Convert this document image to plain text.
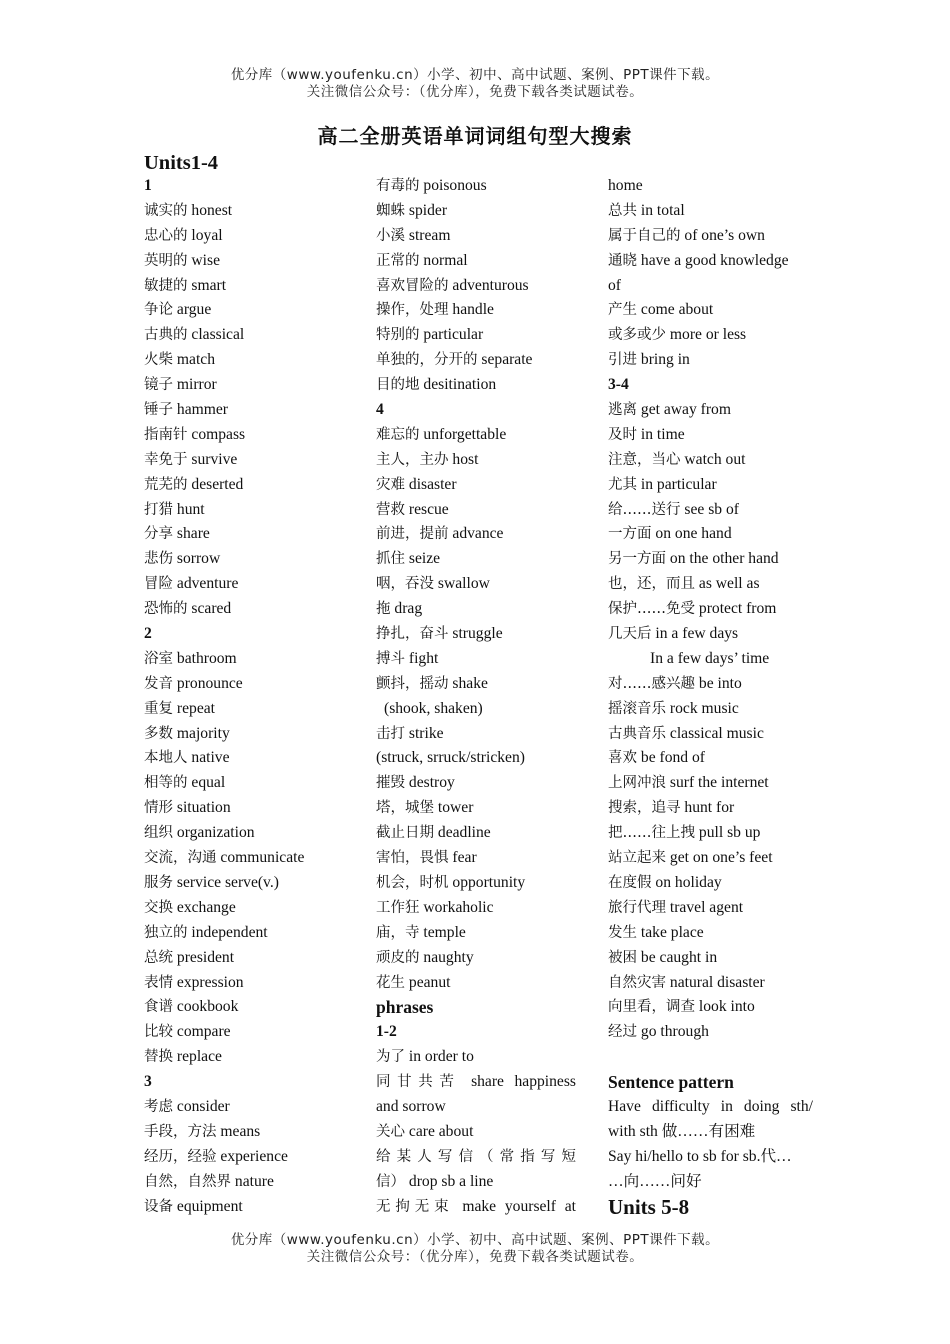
优分库（www.youfenku.cn）小学、初中、高中试题、案例、PPT课件下载。
关注微信公众号：（优分库），免费下载各类试题试卷。
高二全册英语单词词组句型大搜索
Units1-4
1
诚实的 honest
忠心的 loyal
英明的 wise
敏捷的 smart
争论 argue
古典的 classical
火柴 match
镜子 mirror
锤子 hammer
指南针 compass
幸免于 survive
荒芜的 deserted
打猎 hunt
分享 share
悲伤 sorrow
冒险 adventure
恐怖的 scared
2
浴室 bathroom
发音 pronounce
重复 repeat
多数 majority
本地人 native
相等的 equal
情形 situation
组织 organization
交流，沟通 communicate
服务 service serve(v.)
交换 exchange
独立的 independent
总统 president
表情 expression
食谱 cookbook
比较 compare
替换 replace
3
考虑 consider
手段，方法 means
经历，经验 experience
自然，自然界 nature
设备 equipment
有毒的 poisonous
蜘蛛 spider
小溪 stream
正常的 normal
喜欢冒险的 adventurous
操作，处理 handle
特别的 particular
单独的，分开的 separate
目的地 desitination
4
难忘的 unforgettable
主人，主办 host
灾难 disaster
营救 rescue
前进，提前 advance
抓住 seize
咽，吞没 swallow
拖 drag
挣扎，奋斗 struggle
搏斗 fight
颤抖，摇动 shake
(shook, shaken)
击打 strike
(struck, srruck/stricken)
摧毁 destroy
塔，城堡 tower
截止日期 deadline
害怕，畏惧 fear
机会，时机 opportunity
工作狂 workaholic
庙，寺 temple
顽皮的 naughty
花生 peanut
phrases
1-2
为了 in order to
同甘共苦 share happiness
and sorrow
关心 care about
给某人写信（常指写短
信） drop sb a line
无拘无束 make yourself at
home
总共 in total
属于自己的 of one’s own
通晓 have a good knowledge
of
产生 come about
或多或少 more or less
引进 bring in
3-4
逃离 get away from
及时 in time
注意，当心 watch out
尤其 in particular
给……送行 see sb of
一方面 on one hand
另一方面 on the other hand
也，还，而且 as well as
保护……免受 protect from
几天后 in a few days
In a few days’ time
对……感兴趣 be into
摇滚音乐 rock music
古典音乐 classical music
喜欢 be fond of
上网冲浪 surf the internet
搜索，追寻 hunt for
把……往上拽 pull sb up
站立起来 get on one’s feet
在度假 on holiday
旅行代理 travel agent
发生 take place
被困 be caught in
自然灾害 natural disaster
向里看，调查 look into
经过 go through

Sentence pattern
Have difficulty in doing sth/
with sth 做……有困难
Say hi/hello to sb for sb.代…
…向……问好
Units 5-8
优分库（www.youfenku.cn）小学、初中、高中试题、案例、PPT课件下载。
关注微信公众号：（优分库），免费下载各类试题试卷。
